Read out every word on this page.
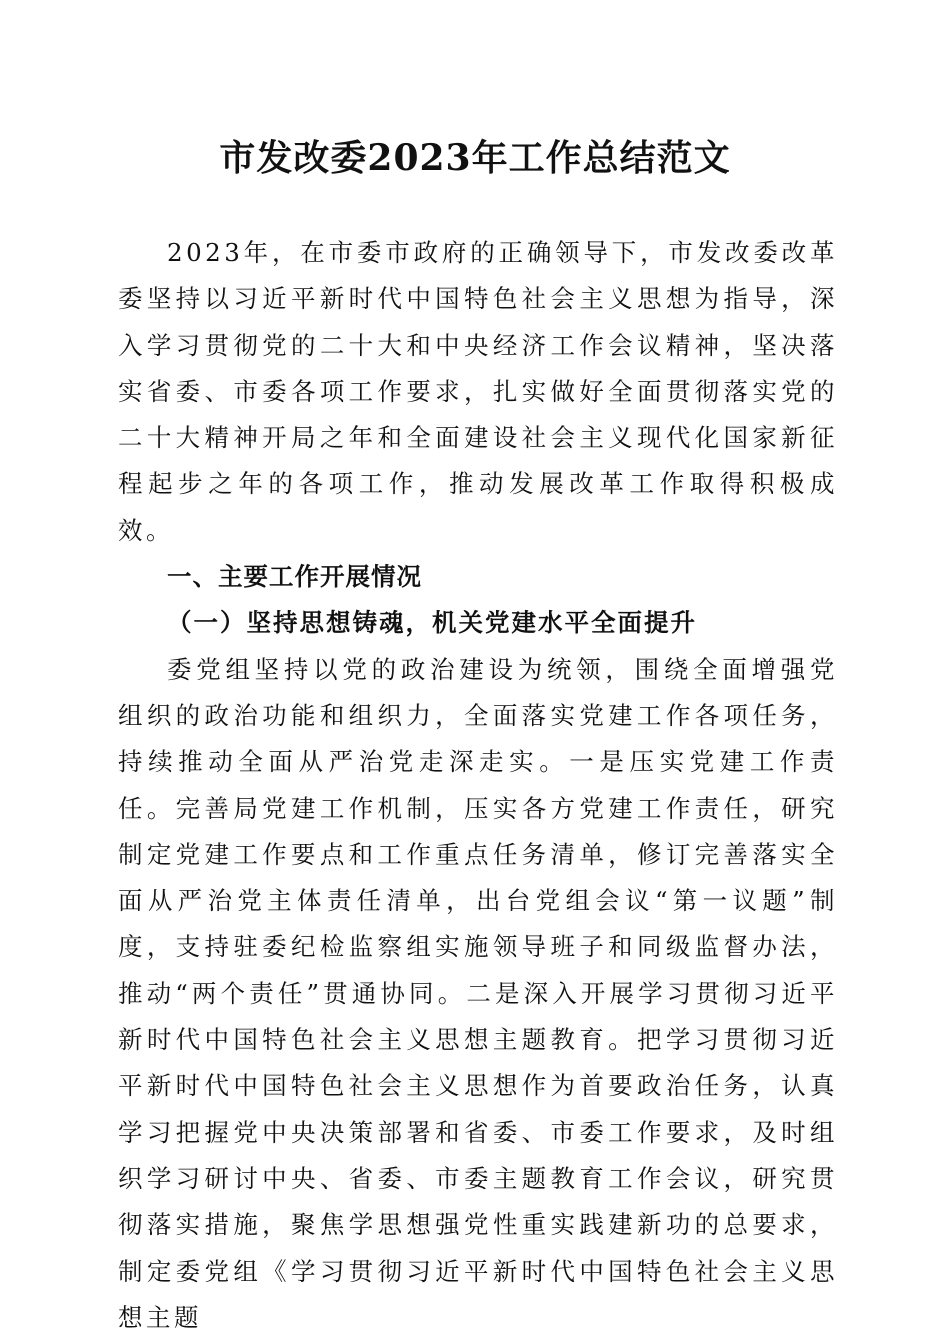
市发改委2023年工作总结范文

2023年，在市委市政府的正确领导下，市发改委改革委坚持以习近平新时代中国特色社会主义思想为指导，深入学习贯彻党的二十大和中央经济工作会议精神，坚决落实省委、市委各项工作要求，扎实做好全面贯彻落实党的二十大精神开局之年和全面建设社会主义现代化国家新征程起步之年的各项工作，推动发展改革工作取得积极成效。

一、主要工作开展情况

（一）坚持思想铸魂，机关党建水平全面提升

委党组坚持以党的政治建设为统领，围绕全面增强党组织的政治功能和组织力，全面落实党建工作各项任务，持续推动全面从严治党走深走实。一是压实党建工作责任。完善局党建工作机制，压实各方党建工作责任，研究制定党建工作要点和工作重点任务清单，修订完善落实全面从严治党主体责任清单，出台党组会议“第一议题”制度，支持驻委纪检监察组实施领导班子和同级监督办法，推动“两个责任”贯通协同。二是深入开展学习贯彻习近平新时代中国特色社会主义思想主题教育。把学习贯彻习近平新时代中国特色社会主义思想作为首要政治任务，认真学习把握党中央决策部署和省委、市委工作要求，及时组织学习研讨中央、省委、市委主题教育工作会议，研究贯彻落实措施，聚焦学思想强党性重实践建新功的总要求，制定委党组《学习贯彻习近平新时代中国特色社会主义思想主题
